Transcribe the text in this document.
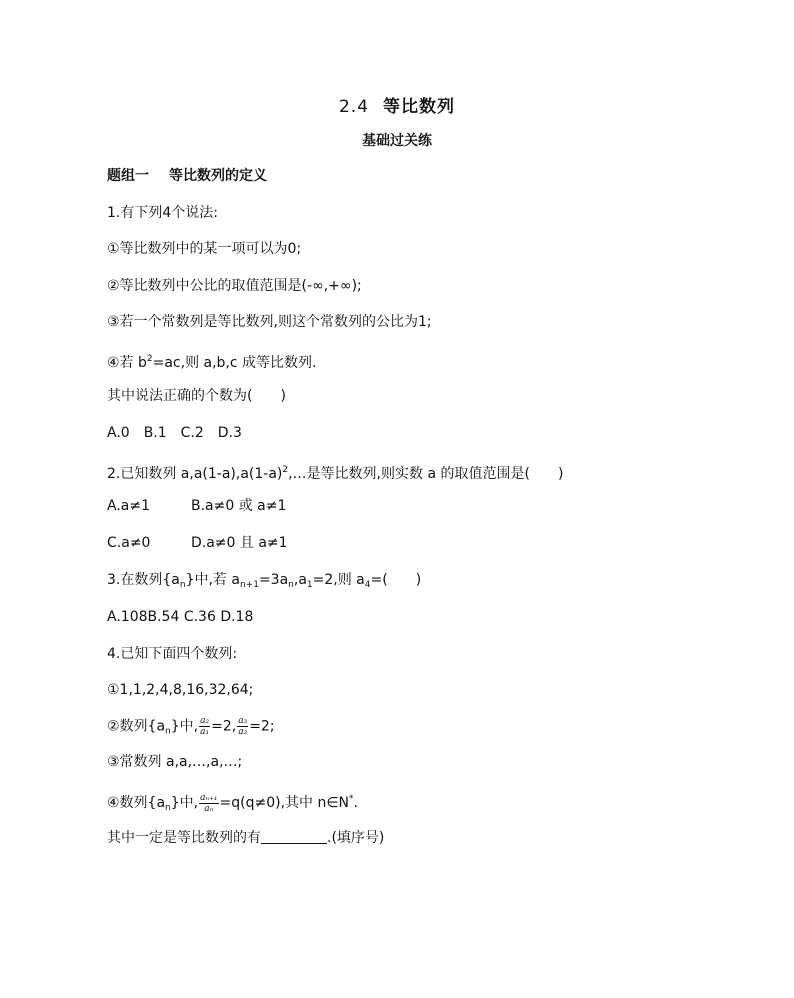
2.4 等比数列
基础过关练
题组一 等比数列的定义
1.有下列4个说法:
①等比数列中的某一项可以为0;
②等比数列中公比的取值范围是(-∞,+∞);
③若一个常数列是等比数列,则这个常数列的公比为1;
④若 $b^2=ac$,则 a,b,c 成等比数列.
其中说法正确的个数为(　　)
A.0　B.1　C.2　D.3
2.已知数列 $a,a(1-a),a(1-a)^2,\dots$是等比数列,则实数 a 的取值范围是(　　)
A.a≠1	B.a≠0 或 a≠1
C.a≠0	D.a≠0 且 a≠1
3.在数列$\{a_n\}$中,若 $a_{n+1}=3a_n,a_1=2$,则 $a_4=$(　　)
A.108B.54 C.36 D.18
4.已知下面四个数列:
①1,1,2,4,8,16,32,64;
②数列$\{a_n\}$中, $\frac{\text{a₂}}{\text{a₁}} =2$, $\frac{\text{a₃}}{\text{a₂}} =2$;
③常数列 a,a,…,a,…;
④数列$\{a_n\}$中, $\frac{\text{aₙ₊₁}}{\text{aₙ}} =q(q\ne 0)$,其中 n∈N*.
其中一定是等比数列的有	.(填序号)
